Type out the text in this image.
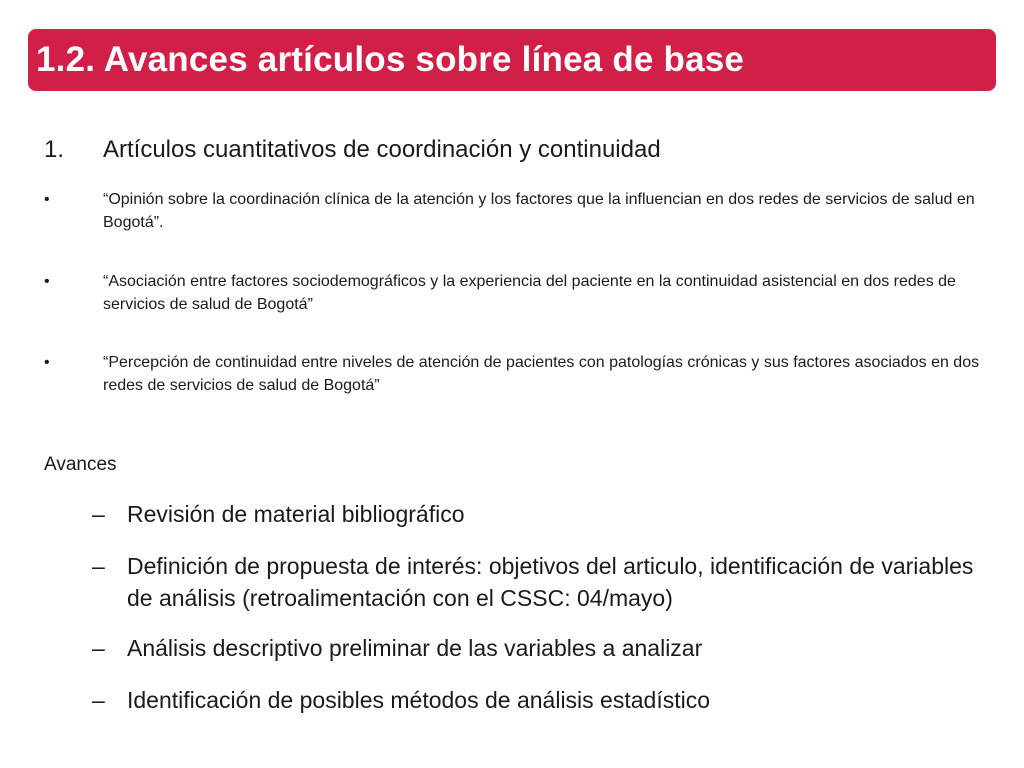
1.2. Avances artículos sobre línea de base
1. Artículos cuantitativos de coordinación y continuidad
•	“Opinión sobre la coordinación clínica de la atención y los factores que la influencian en dos redes de servicios de salud en Bogotá”.
•	“Asociación entre factores sociodemográficos y la experiencia del paciente en la continuidad asistencial en dos redes de servicios de salud de Bogotá”
•	“Percepción de continuidad entre niveles de atención de pacientes con patologías crónicas y sus factores asociados en dos redes de servicios de salud de Bogotá”
Avances
– Revisión de material bibliográfico
– Definición de propuesta de interés: objetivos del articulo, identificación de variables de análisis (retroalimentación con el CSSC: 04/mayo)
– Análisis descriptivo preliminar de las variables a analizar
– Identificación de posibles métodos de análisis estadístico
